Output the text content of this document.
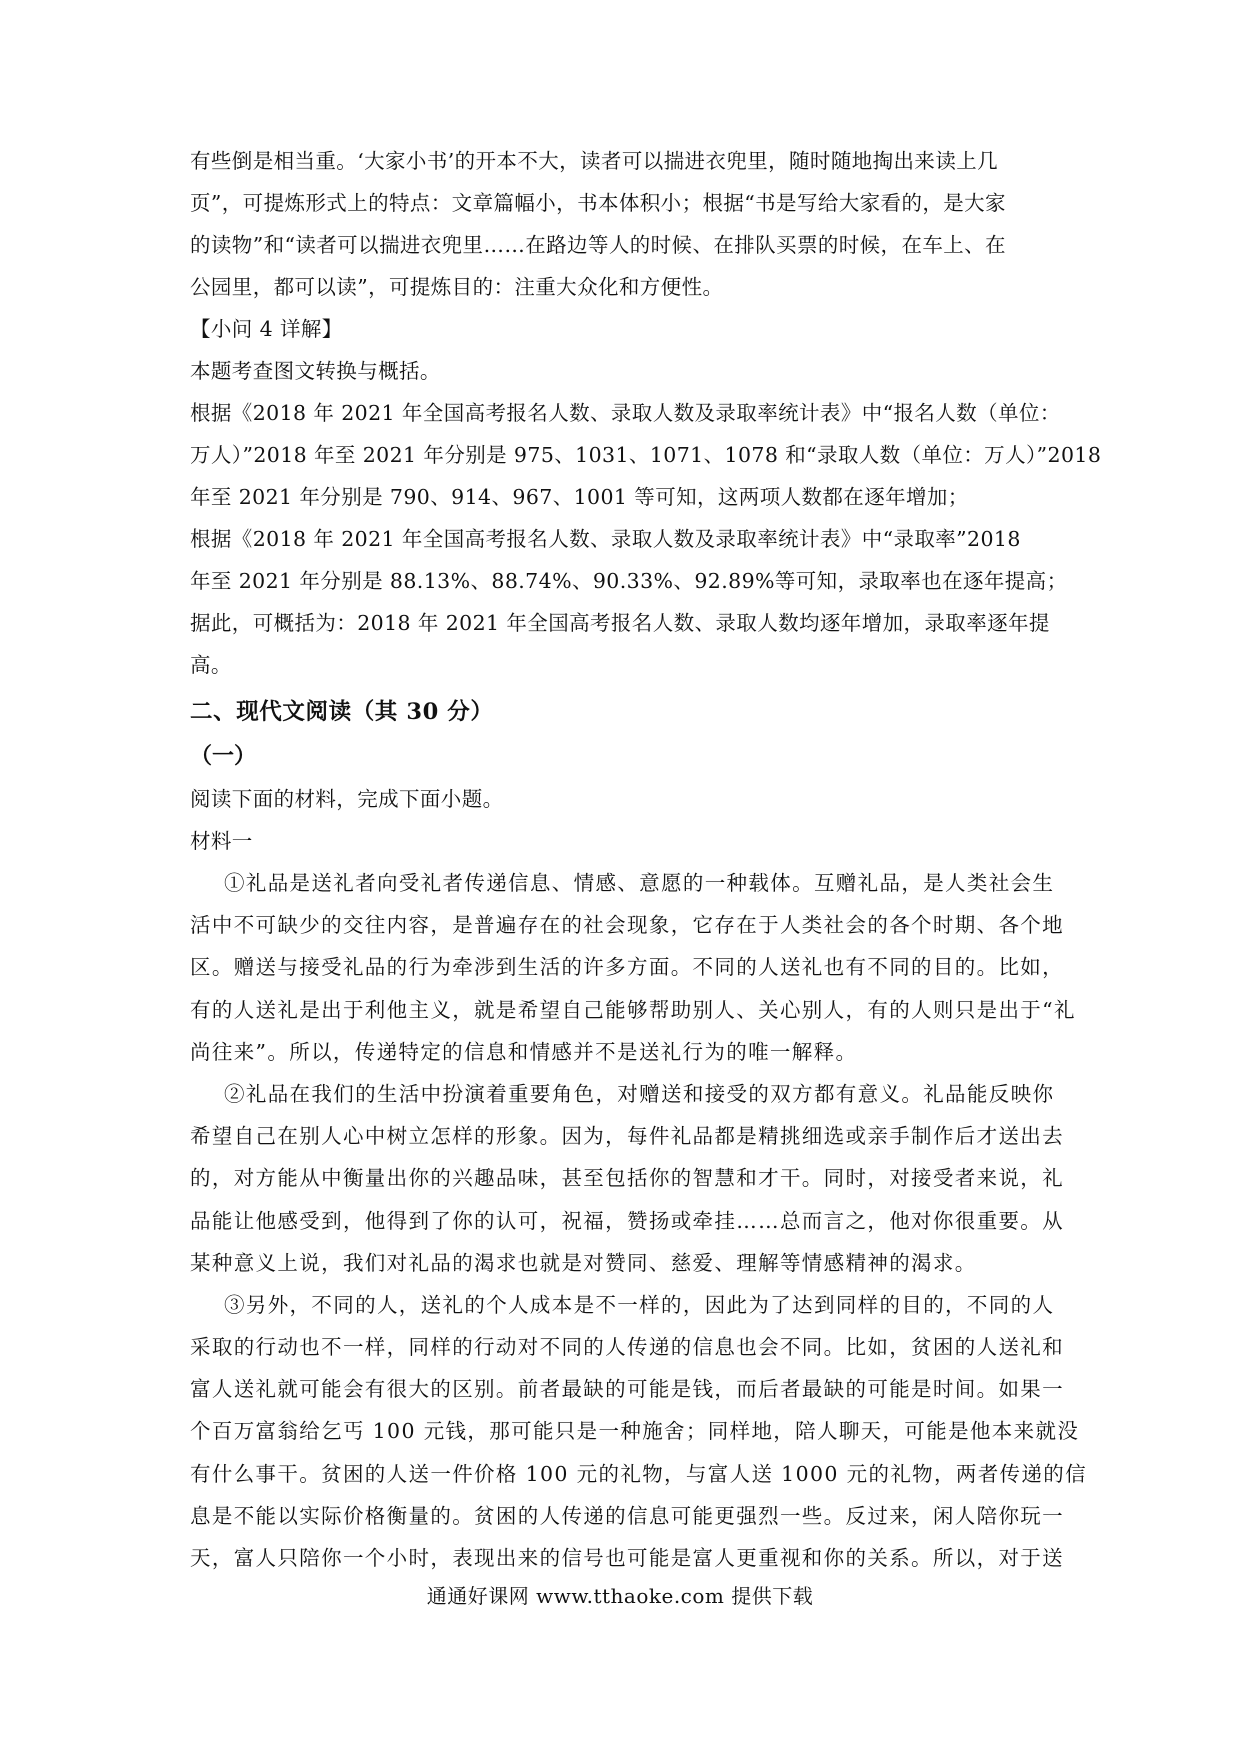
有些倒是相当重。‘大家小书’的开本不大，读者可以揣进衣兜里，随时随地掏出来读上几
页”，可提炼形式上的特点：文章篇幅小，书本体积小；根据“书是写给大家看的，是大家
的读物”和“读者可以揣进衣兜里……在路边等人的时候、在排队买票的时候，在车上、在
公园里，都可以读”，可提炼目的：注重大众化和方便性。
【小问 4 详解】
本题考查图文转换与概括。
根据《2018 年 2021 年全国高考报名人数、录取人数及录取率统计表》中“报名人数（单位：
万人）”2018 年至 2021 年分别是 975、1031、1071、1078 和“录取人数（单位：万人）”2018
年至 2021 年分别是 790、914、967、1001 等可知，这两项人数都在逐年增加；
根据《2018 年 2021 年全国高考报名人数、录取人数及录取率统计表》中“录取率”2018
年至 2021 年分别是 88.13%、88.74%、90.33%、92.89%等可知，录取率也在逐年提高；
据此，可概括为：2018 年 2021 年全国高考报名人数、录取人数均逐年增加，录取率逐年提
高。
二、现代文阅读（其 30 分）
（一）
阅读下面的材料，完成下面小题。
材料一
①礼品是送礼者向受礼者传递信息、情感、意愿的一种载体。互赠礼品，是人类社会生
活中不可缺少的交往内容，是普遍存在的社会现象，它存在于人类社会的各个时期、各个地
区。赠送与接受礼品的行为牵涉到生活的许多方面。不同的人送礼也有不同的目的。比如，
有的人送礼是出于利他主义，就是希望自己能够帮助别人、关心别人，有的人则只是出于“礼
尚往来”。所以，传递特定的信息和情感并不是送礼行为的唯一解释。
②礼品在我们的生活中扮演着重要角色，对赠送和接受的双方都有意义。礼品能反映你
希望自己在别人心中树立怎样的形象。因为，每件礼品都是精挑细选或亲手制作后才送出去
的，对方能从中衡量出你的兴趣品味，甚至包括你的智慧和才干。同时，对接受者来说，礼
品能让他感受到，他得到了你的认可，祝福，赞扬或牵挂……总而言之，他对你很重要。从
某种意义上说，我们对礼品的渴求也就是对赞同、慈爱、理解等情感精神的渴求。
③另外，不同的人，送礼的个人成本是不一样的，因此为了达到同样的目的，不同的人
采取的行动也不一样，同样的行动对不同的人传递的信息也会不同。比如，贫困的人送礼和
富人送礼就可能会有很大的区别。前者最缺的可能是钱，而后者最缺的可能是时间。如果一
个百万富翁给乞丐 100 元钱，那可能只是一种施舍；同样地，陪人聊天，可能是他本来就没
有什么事干。贫困的人送一件价格 100 元的礼物，与富人送 1000 元的礼物，两者传递的信
息是不能以实际价格衡量的。贫困的人传递的信息可能更强烈一些。反过来，闲人陪你玩一
天，富人只陪你一个小时，表现出来的信号也可能是富人更重视和你的关系。所以，对于送
通通好课网 www.tthaoke.com 提供下载
